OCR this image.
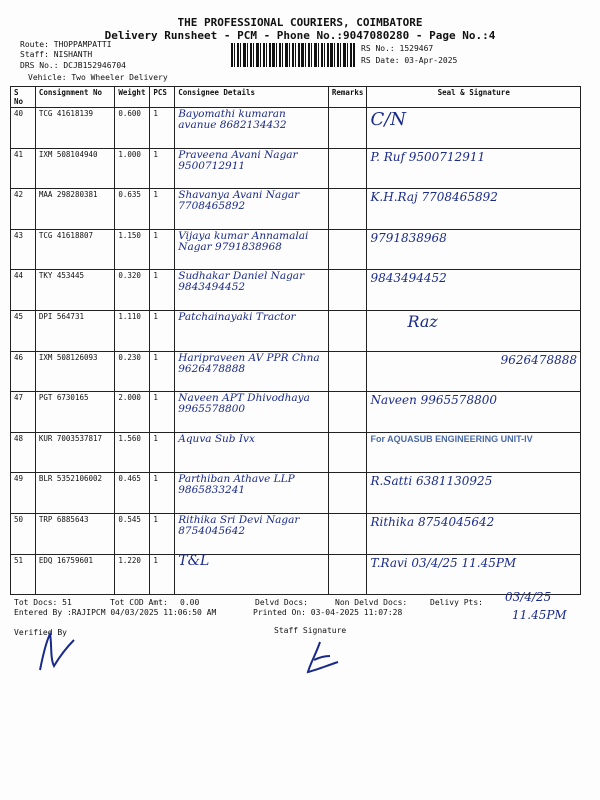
THE PROFESSIONAL COURIERS, COIMBATORE
Delivery Runsheet - PCM - Phone No.:9047080280 - Page No.:4
Route: THOPPAMPATTI
Staff: NISHANTH
DRS No.: DCJB152946704
Vehicle: Two Wheeler Delivery
RS No.: 1529467
RS Date: 03-Apr-2025
S No	Consignment No	Weight	PCS	Consignee Details	Remarks	Seal & Signature
40	TCG 41618139	0.600	1	Bayomathi kumaran avanue 8682134432		C/N
41	IXM 508104940	1.000	1	Praveena Avani Nagar 9500712911		P. Ruf 9500712911
42	MAA 298280381	0.635	1	Shavanya Avani Nagar 7708465892		K.H.Raj 7708465892
43	TCG 41618807	1.150	1	Vijaya kumar Annamalai Nagar 9791838968		9791838968
44	TKY 453445	0.320	1	Sudhakar Daniel Nagar 9843494452		9843494452
45	DPI 564731	1.110	1	Patchainayaki Tractor		Raz
46	IXM 508126093	0.230	1	Haripraveen AV PPR Chna 9626478888		9626478888
47	PGT 6730165	2.000	1	Naveen APT Dhivodhaya 9965578800		Naveen 9965578800
48	KUR 7003537817	1.560	1	Aquva Sub Ivx		For AQUASUB ENGINEERING UNIT-IV
49	BLR 5352106002	0.465	1	Parthiban Athave LLP 9865833241		R.Satti 6381130925
50	TRP 6885643	0.545	1	Rithika Sri Devi Nagar 8754045642		Rithika 8754045642
51	EDQ 16759601	1.220	1	T&L		T.Ravi 03/4/25 11.45PM
Tot Docs: 51	Tot COD Amt: 0.00	Delvd Docs:	Non Delvd Docs:	Delivy Pts:
Entered By :RAJIPCM 04/03/2025 11:06:50 AM	Printed On: 03-04-2025 11:07:28
Verified By	Staff Signature
03/4/25
11.45PM
